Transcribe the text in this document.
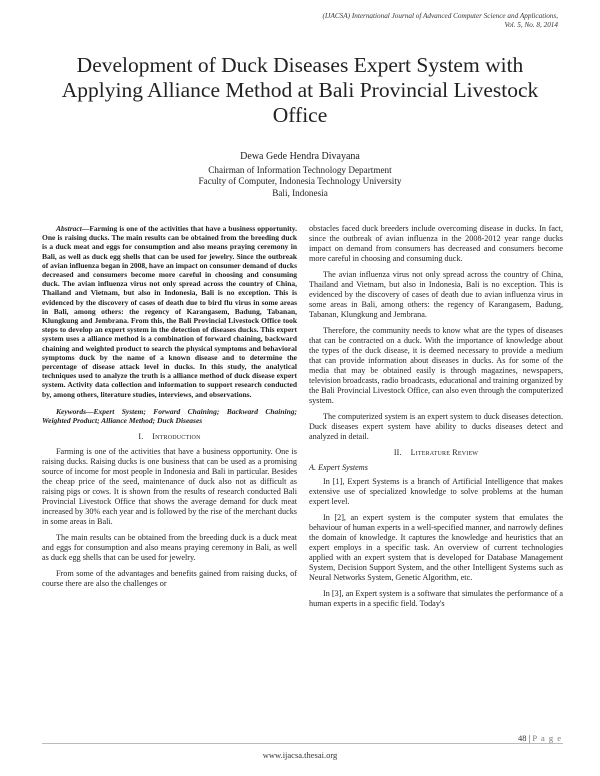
(IJACSA) International Journal of Advanced Computer Science and Applications,
Vol. 5, No. 8, 2014
Development of Duck Diseases Expert System with Applying Alliance Method at Bali Provincial Livestock Office
Dewa Gede Hendra Divayana
Chairman of Information Technology Department
Faculty of Computer, Indonesia Technology University
Bali, Indonesia

Abstract—Farming is one of the activities that have a business opportunity. One is raising ducks. The main results can be obtained from the breeding duck is a duck meat and eggs for consumption and also means praying ceremony in Bali, as well as duck egg shells that can be used for jewelry. Since the outbreak of avian influenza began in 2008, have an impact on consumer demand of ducks decreased and consumers become more careful in choosing and consuming duck. The avian influenza virus not only spread across the country of China, Thailand and Vietnam, but also in Indonesia, Bali is no exception. This is evidenced by the discovery of cases of death due to bird flu virus in some areas in Bali, among others: the regency of Karangasem, Badung, Tabanan, Klungkung and Jembrana. From this, the Bali Provincial Livestock Office took steps to develop an expert system in the detection of diseases ducks. This expert system uses a alliance method is a combination of forward chaining, backward chaining and weighted product to search the physical symptoms and behavioral symptoms duck by the name of a known disease and to determine the percentage of disease attack level in ducks. In this study, the analytical techniques used to analyze the truth is a alliance method of duck disease expert system. Activity data collection and information to support research conducted by, among others, literature studies, interviews, and observations.

Keywords—Expert System; Forward Chaining; Backward Chaining; Weighted Product; Alliance Method; Duck Diseases

I. Introduction

Farming is one of the activities that have a business opportunity. One is raising ducks. Raising ducks is one business that can be used as a promising source of income for most people in Indonesia and Bali in particular. Besides the cheap price of the seed, maintenance of duck also not as difficult as raising pigs or cows. It is shown from the results of research conducted Bali Provincial Livestock Office that shows the average demand for duck meat increased by 30% each year and is followed by the rise of the merchant ducks in some areas in Bali.

The main results can be obtained from the breeding duck is a duck meat and eggs for consumption and also means praying ceremony in Bali, as well as duck egg shells that can be used for jewelry.

From some of the advantages and benefits gained from raising ducks, of course there are also the challenges or

obstacles faced duck breeders include overcoming disease in ducks. In fact, since the outbreak of avian influenza in the 2008-2012 year range ducks impact on demand from consumers has decreased and consumers become more careful in choosing and consuming duck.

The avian influenza virus not only spread across the country of China, Thailand and Vietnam, but also in Indonesia, Bali is no exception. This is evidenced by the discovery of cases of death due to avian influenza virus in some areas in Bali, among others: the regency of Karangasem, Badung, Tabanan, Klungkung and Jembrana.

Therefore, the community needs to know what are the types of diseases that can be contracted on a duck. With the importance of knowledge about the types of the duck disease, it is deemed necessary to provide a medium that can provide information about diseases in ducks. As for some of the media that may be obtained easily is through magazines, newspapers, television broadcasts, radio broadcasts, educational and training organized by the Bali Provincial Livestock Office, can also even through the computerized system.

The computerized system is an expert system to duck diseases detection. Duck diseases expert system have ability to ducks diseases detect and analyzed in detail.

II. Literature Review
A. Expert Systems

In [1], Expert Systems is a branch of Artificial Intelligence that makes extensive use of specialized knowledge to solve problems at the human expert level.

In [2], an expert system is the computer system that emulates the behaviour of human experts in a well-specified manner, and narrowly defines the domain of knowledge. It captures the knowledge and heuristics that an expert employs in a specific task. An overview of current technologies applied with an expert system that is developed for Database Management System, Decision Support System, and the other Intelligent Systems such as Neural Networks System, Genetic Algorithm, etc.

In [3], an Expert system is a software that simulates the performance of a human experts in a specific field. Today's

48 | P a g e
www.ijacsa.thesai.org
